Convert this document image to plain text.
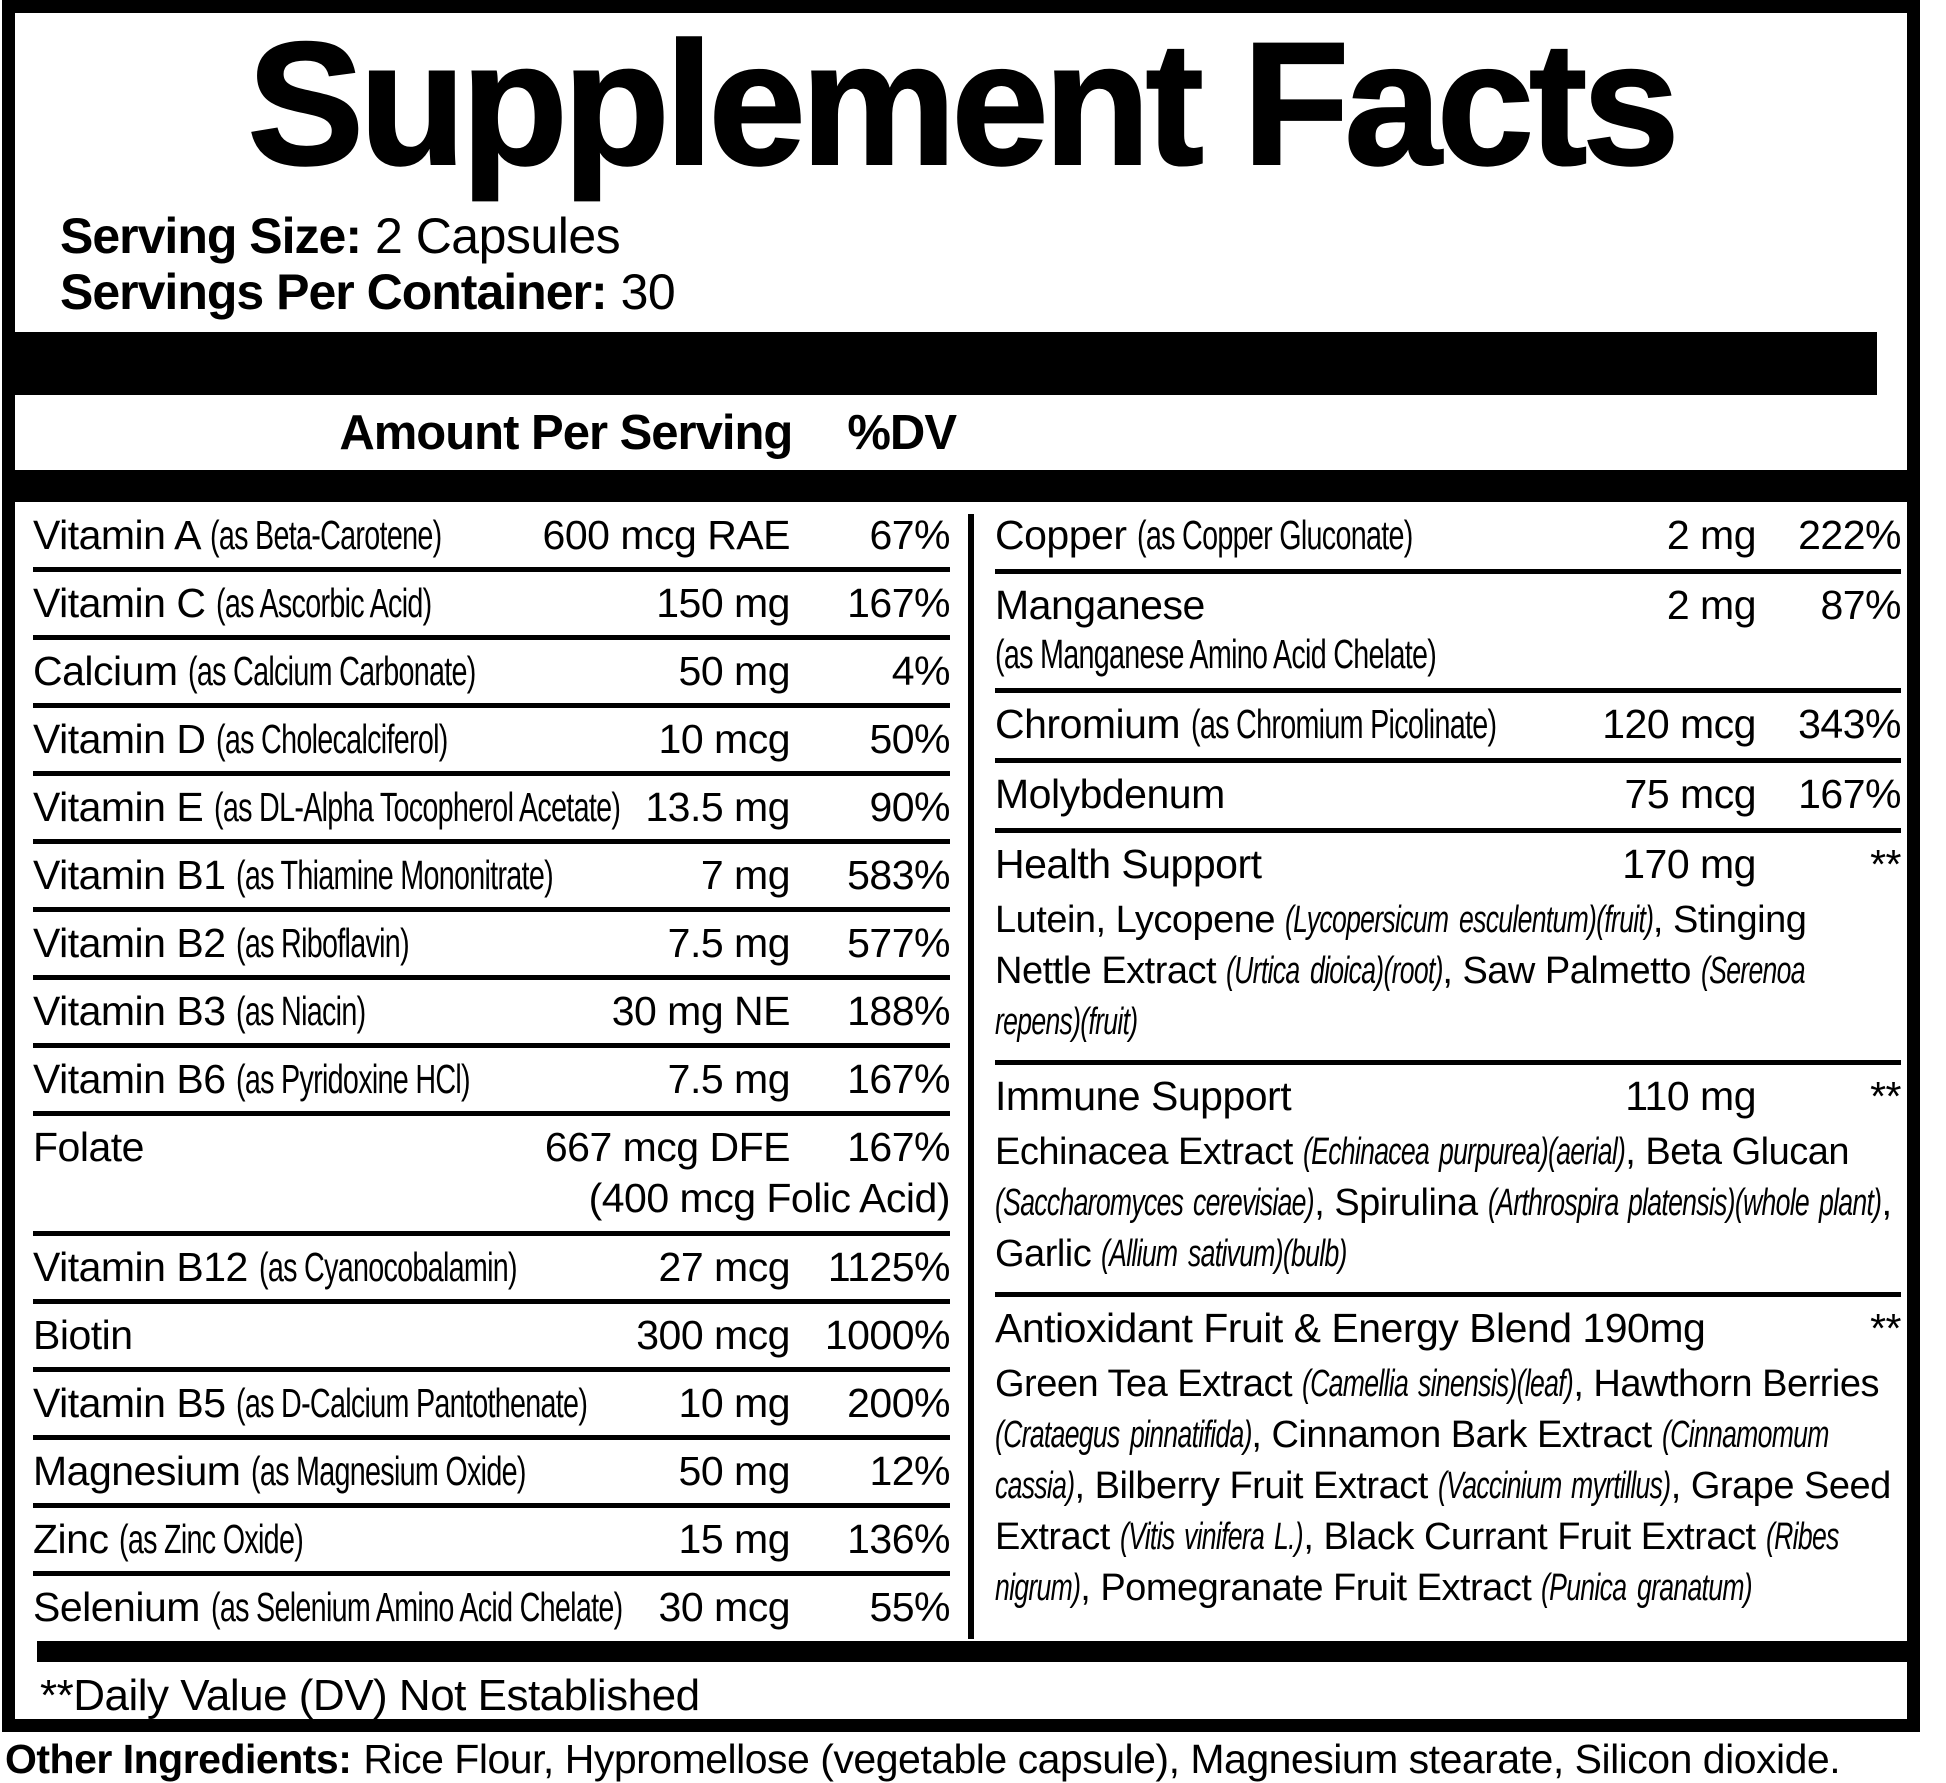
Supplement Facts
Serving Size: 2 Capsules
Servings Per Container: 30
Amount Per Serving %DV
Vitamin A (as Beta-Carotene)	600 mcg RAE	67%
Vitamin C (as Ascorbic Acid)	150 mg	167%
Calcium (as Calcium Carbonate)	50 mg	4%
Vitamin D (as Cholecalciferol)	10 mcg	50%
Vitamin E (as DL-Alpha Tocopherol Acetate) 13.5 mg	90%
Vitamin B1 (as Thiamine Mononitrate)	7 mg	583%
Vitamin B2 (as Riboflavin)	7.5 mg	577%
Vitamin B3 (as Niacin)	30 mg NE	188%
Vitamin B6 (as Pyridoxine HCl)	7.5 mg	167%
Folate	667 mcg DFE	167%
(400 mcg Folic Acid)
Vitamin B12 (as Cyanocobalamin)	27 mcg 1125%
Biotin	300 mcg 1000%
Vitamin B5 (as D-Calcium Pantothenate)	10 mg	200%
Magnesium (as Magnesium Oxide)	50 mg	12%
Zinc (as Zinc Oxide)	15 mg	136%
Selenium (as Selenium Amino Acid Chelate) 30 mcg	55%
Copper (as Copper Gluconate)	2 mg	222%
Manganese	2 mg	87%
(as Manganese Amino Acid Chelate)
Chromium (as Chromium Picolinate)	120 mcg	343%
Molybdenum	75 mcg	167%
Health Support	170 mg	**

Lutein, Lycopene (Lycopersicum esculentum)(fruit), Stinging Nettle Extract (Urtica dioica)(root), Saw Palmetto (Serenoa repens)(fruit)

Immune Support	110 mg	**

Echinacea Extract (Echinacea purpurea)(aerial), Beta Glucan (Saccharomyces cerevisiae), Spirulina (Arthrospira platensis)(whole plant), Garlic (Allium sativum)(bulb)

Antioxidant Fruit & Energy Blend 190mg	**

Green Tea Extract (Camellia sinensis)(leaf), Hawthorn Berries (Crataegus pinnatifida), Cinnamon Bark Extract (Cinnamomum cassia), Bilberry Fruit Extract (Vaccinium myrtillus), Grape Seed Extract (Vitis vinifera L.), Black Currant Fruit Extract (Ribes nigrum), Pomegranate Fruit Extract (Punica granatum)

**Daily Value (DV) Not Established
Other Ingredients: Rice Flour, Hypromellose (vegetable capsule), Magnesium stearate, Silicon dioxide.
